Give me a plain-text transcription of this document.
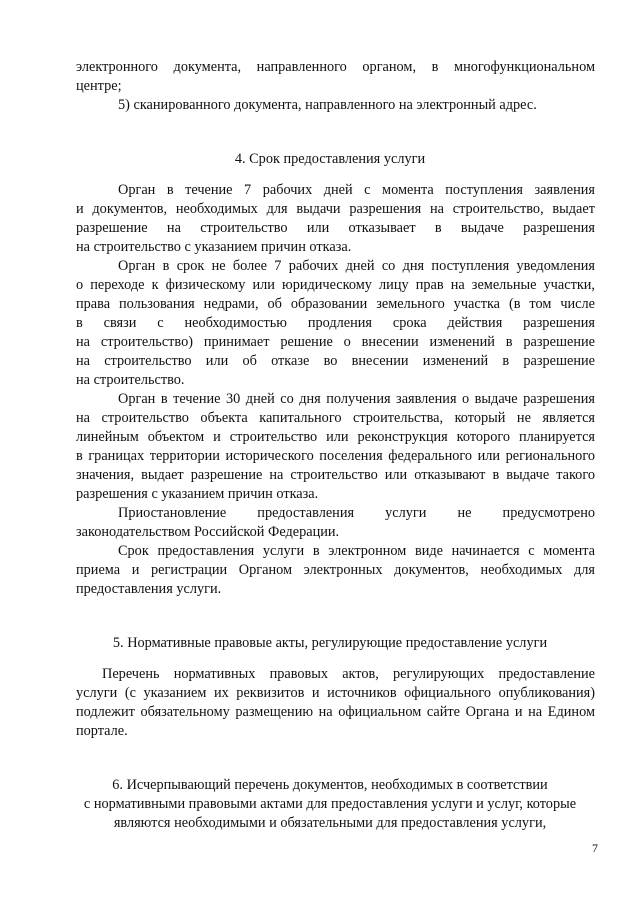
электронного документа, направленного органом, в многофункциональном
центре;
5) сканированного документа, направленного на электронный адрес.
4. Срок предоставления услуги
Орган в течение 7 рабочих дней с момента поступления заявления
и документов, необходимых для выдачи разрешения на строительство, выдает
разрешение на строительство или отказывает в выдаче разрешения
на строительство с указанием причин отказа.
Орган в срок не более 7 рабочих дней со дня поступления уведомления
о переходе к физическому или юридическому лицу прав на земельные участки,
права пользования недрами, об образовании земельного участка (в том числе
в связи с необходимостью продления срока действия разрешения
на строительство) принимает решение о внесении изменений в разрешение
на строительство или об отказе во внесении изменений в разрешение
на строительство.
Орган в течение 30 дней со дня получения заявления о выдаче разрешения
на строительство объекта капитального строительства, который не является
линейным объектом и строительство или реконструкция которого планируется
в границах территории исторического поселения федерального или регионального
значения, выдает разрешение на строительство или отказывают в выдаче такого
разрешения с указанием причин отказа.
Приостановление предоставления услуги не предусмотрено
законодательством Российской Федерации.
Срок предоставления услуги в электронном виде начинается с момента
приема и регистрации Органом электронных документов, необходимых для
предоставления услуги.
5. Нормативные правовые акты, регулирующие предоставление услуги
Перечень нормативных правовых актов, регулирующих предоставление
услуги (с указанием их реквизитов и источников официального опубликования)
подлежит обязательному размещению на официальном сайте Органа и на Едином
портале.
6. Исчерпывающий перечень документов, необходимых в соответствии
с нормативными правовыми актами для предоставления услуги и услуг, которые
являются необходимыми и обязательными для предоставления услуги,
7
